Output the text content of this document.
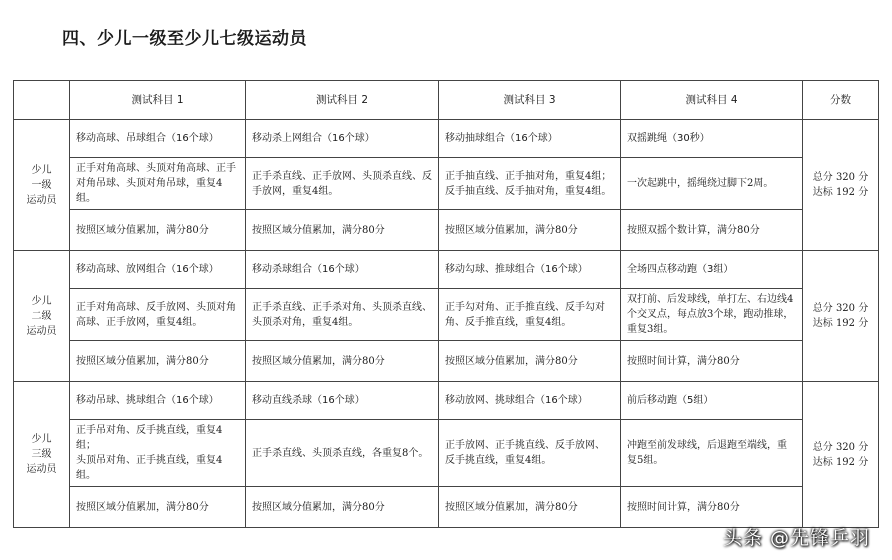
四、少儿一级至少儿七级运动员
	测试科目 1	测试科目 2	测试科目 3	测试科目 4	分数
少儿
一级
运动员	移动高球、吊球组合（16个球）	移动杀上网组合（16个球）	移动抽球组合（16个球）	双摇跳绳（30秒）	总分 320 分
达标 192 分
	正手对角高球、头顶对角高球、正手对角吊球、头顶对角吊球，重复4组。	正手杀直线、正手放网、头顶杀直线、反手放网，重复4组。	正手抽直线、正手抽对角，重复4组；
反手抽直线、反手抽对角，重复4组。	一次起跳中，摇绳绕过脚下2周。	
	按照区域分值累加，满分80分	按照区域分值累加，满分80分	按照区域分值累加，满分80分	按照双摇个数计算，满分80分	
少儿
二级
运动员	移动高球、放网组合（16个球）	移动杀球组合（16个球）	移动勾球、推球组合（16个球）	全场四点移动跑（3组）	总分 320 分
达标 192 分
	正手对角高球、反手放网、头顶对角高球、正手放网，重复4组。	正手杀直线、正手杀对角、头顶杀直线、头顶杀对角，重复4组。	正手勾对角、正手推直线、反手勾对角、反手推直线，重复4组。	双打前、后发球线，单打左、右边线4个交叉点，每点放3个球，跑动推球，重复3组。	
	按照区域分值累加，满分80分	按照区域分值累加，满分80分	按照区域分值累加，满分80分	按照时间计算，满分80分	
少儿
三级
运动员	移动吊球、挑球组合（16个球）	移动直线杀球（16个球）	移动放网、挑球组合（16个球）	前后移动跑（5组）	总分 320 分
达标 192 分
	正手吊对角、反手挑直线，重复4组；
头顶吊对角、正手挑直线，重复4组。	正手杀直线、头顶杀直线，各重复8个。	正手放网、正手挑直线、反手放网、反手挑直线，重复4组。	冲跑至前发球线，后退跑至端线，重复5组。	
	按照区域分值累加，满分80分	按照区域分值累加，满分80分	按照区域分值累加，满分80分	按照时间计算，满分80分	
头条 @先锋乒羽
